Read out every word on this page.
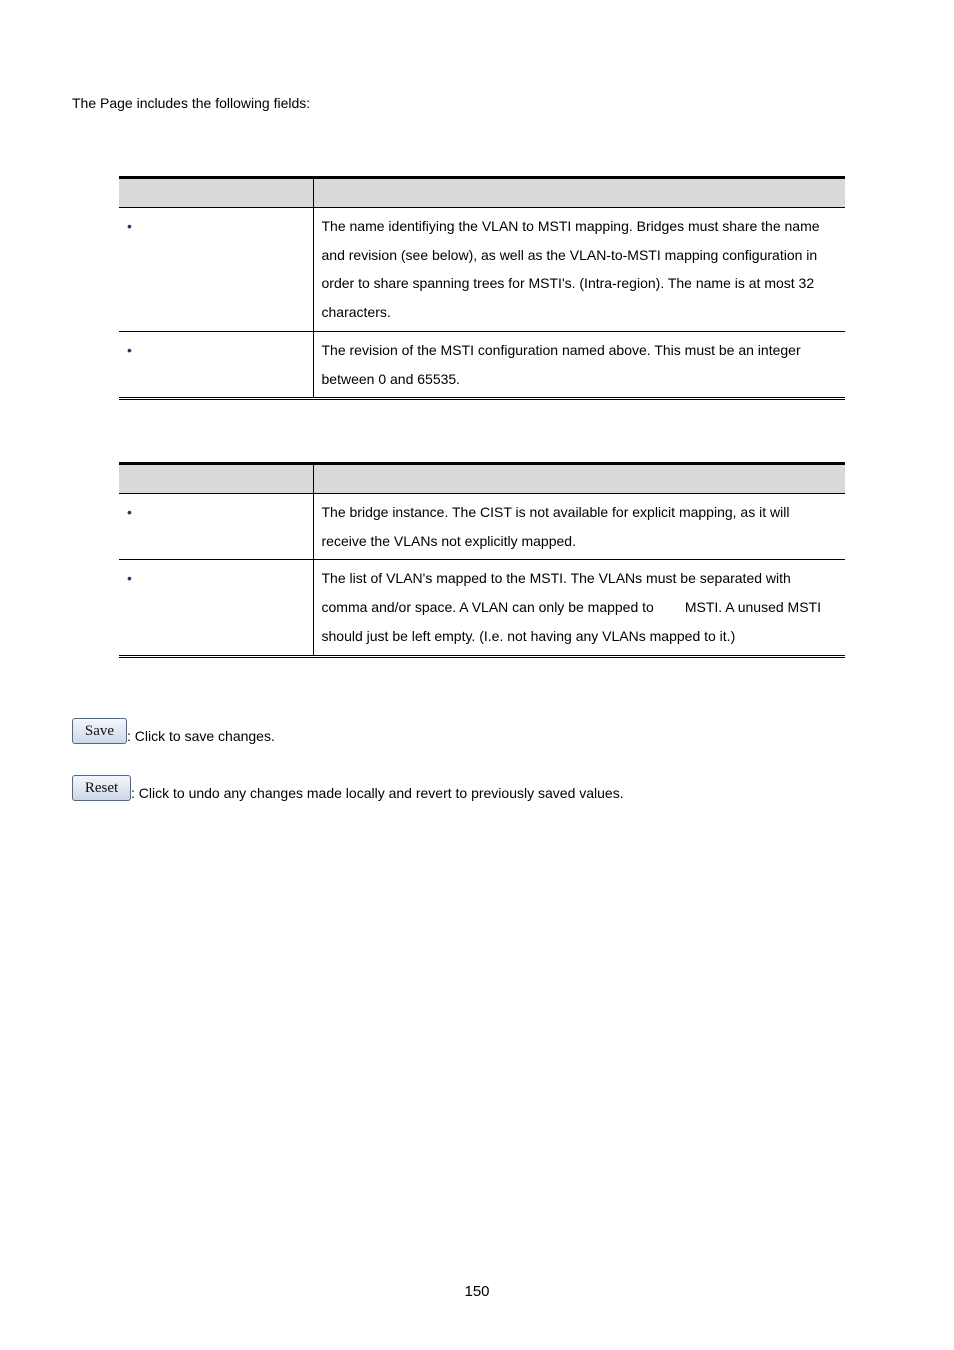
The Page includes the following fields:

•	The name identifiying the VLAN to MSTI mapping. Bridges must share the name and revision (see below), as well as the VLAN-to-MSTI mapping configuration in order to share spanning trees for MSTI's. (Intra-region). The name is at most 32 characters.
•	The revision of the MSTI configuration named above. This must be an integer between 0 and 65535.

•	The bridge instance. The CIST is not available for explicit mapping, as it will receive the VLANs not explicitly mapped.
•	The list of VLAN's mapped to the MSTI. The VLANs must be separated with comma and/or space. A VLAN can only be mapped to MSTI. A unused MSTI should just be left empty. (I.e. not having any VLANs mapped to it.)
Save : Click to save changes.
Reset : Click to undo any changes made locally and revert to previously saved values.
150
